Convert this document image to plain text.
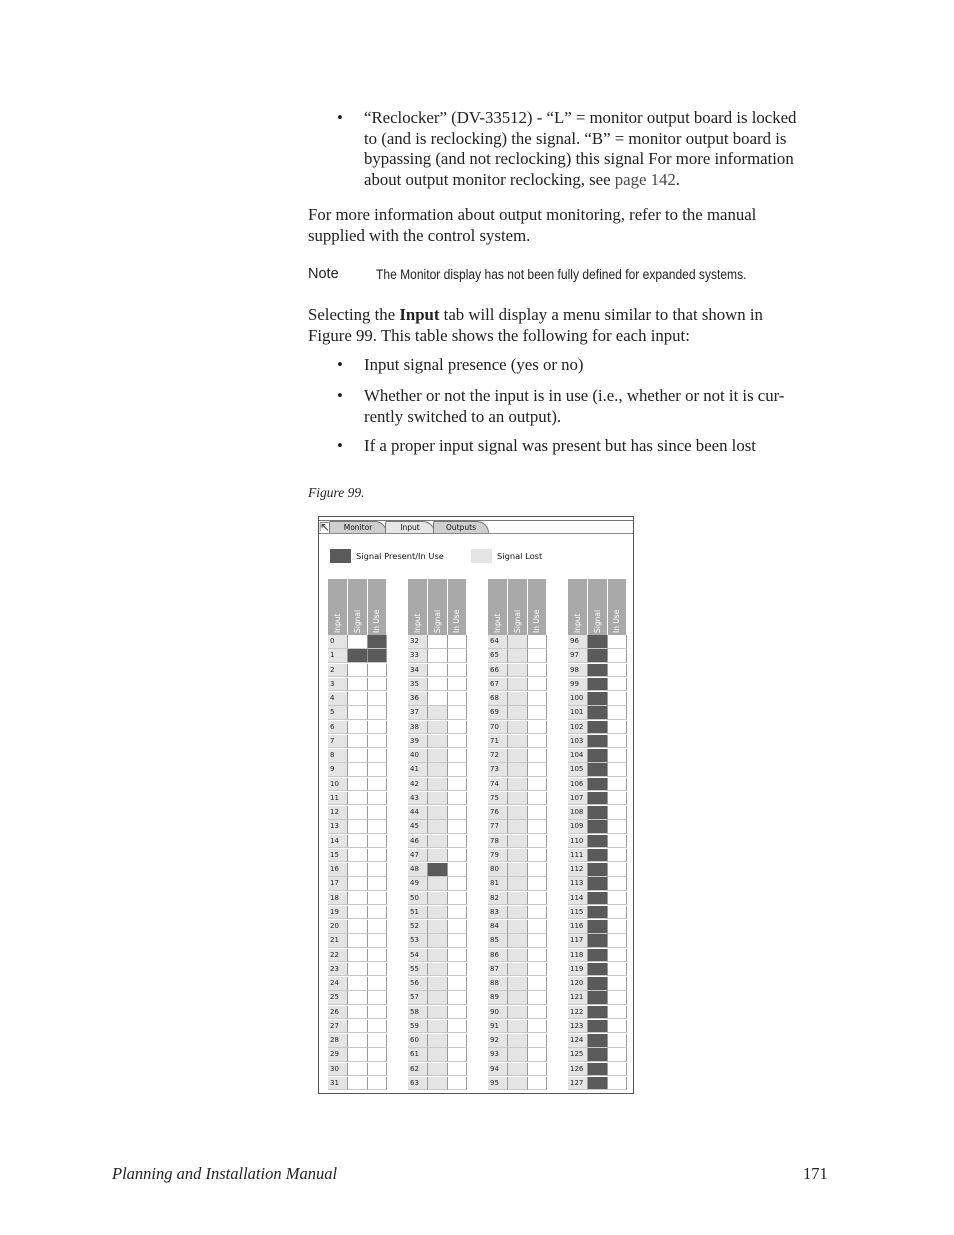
•	“Reclocker” (DV-33512) - “L” = monitor output board is locked
to (and is reclocking) the signal. “B” = monitor output board is
bypassing (and not reclocking) this signal For more information
about output monitor reclocking, see page 142.
For more information about output monitoring, refer to the manual
supplied with the control system.
Note	The Monitor display has not been fully defined for expanded systems.
Selecting the Input tab will display a menu similar to that shown in
Figure 99. This table shows the following for each input:
•	Input signal presence (yes or no)
•	Whether or not the input is in use (i.e., whether or not it is cur-
rently switched to an output).
•	If a proper input signal was present but has since been lost
Figure 99.
⇱	Monitor	Input	Outputs
Signal Present/In Use	Signal Lost
Input Signal In Use
0
1
2
3
4
5
6
7
8
9
10
11
12
13
14
15
16
17
18
19
20
21
22
23
24
25
26
27
28
29
30
31
Input Signal In Use
32
33
34
35
36
37
38
39
40
41
42
43
44
45
46
47
48
49
50
51
52
53
54
55
56
57
58
59
60
61
62
63
Input Signal In Use
64
65
66
67
68
69
70
71
72
73
74
75
76
77
78
79
80
81
82
83
84
85
86
87
88
89
90
91
92
93
94
95
Input Signal In Use
96
97
98
99
100
101
102
103
104
105
106
107
108
109
110
111
112
113
114
115
116
117
118
119
120
121
122
123
124
125
126
127
Planning and Installation Manual	171
